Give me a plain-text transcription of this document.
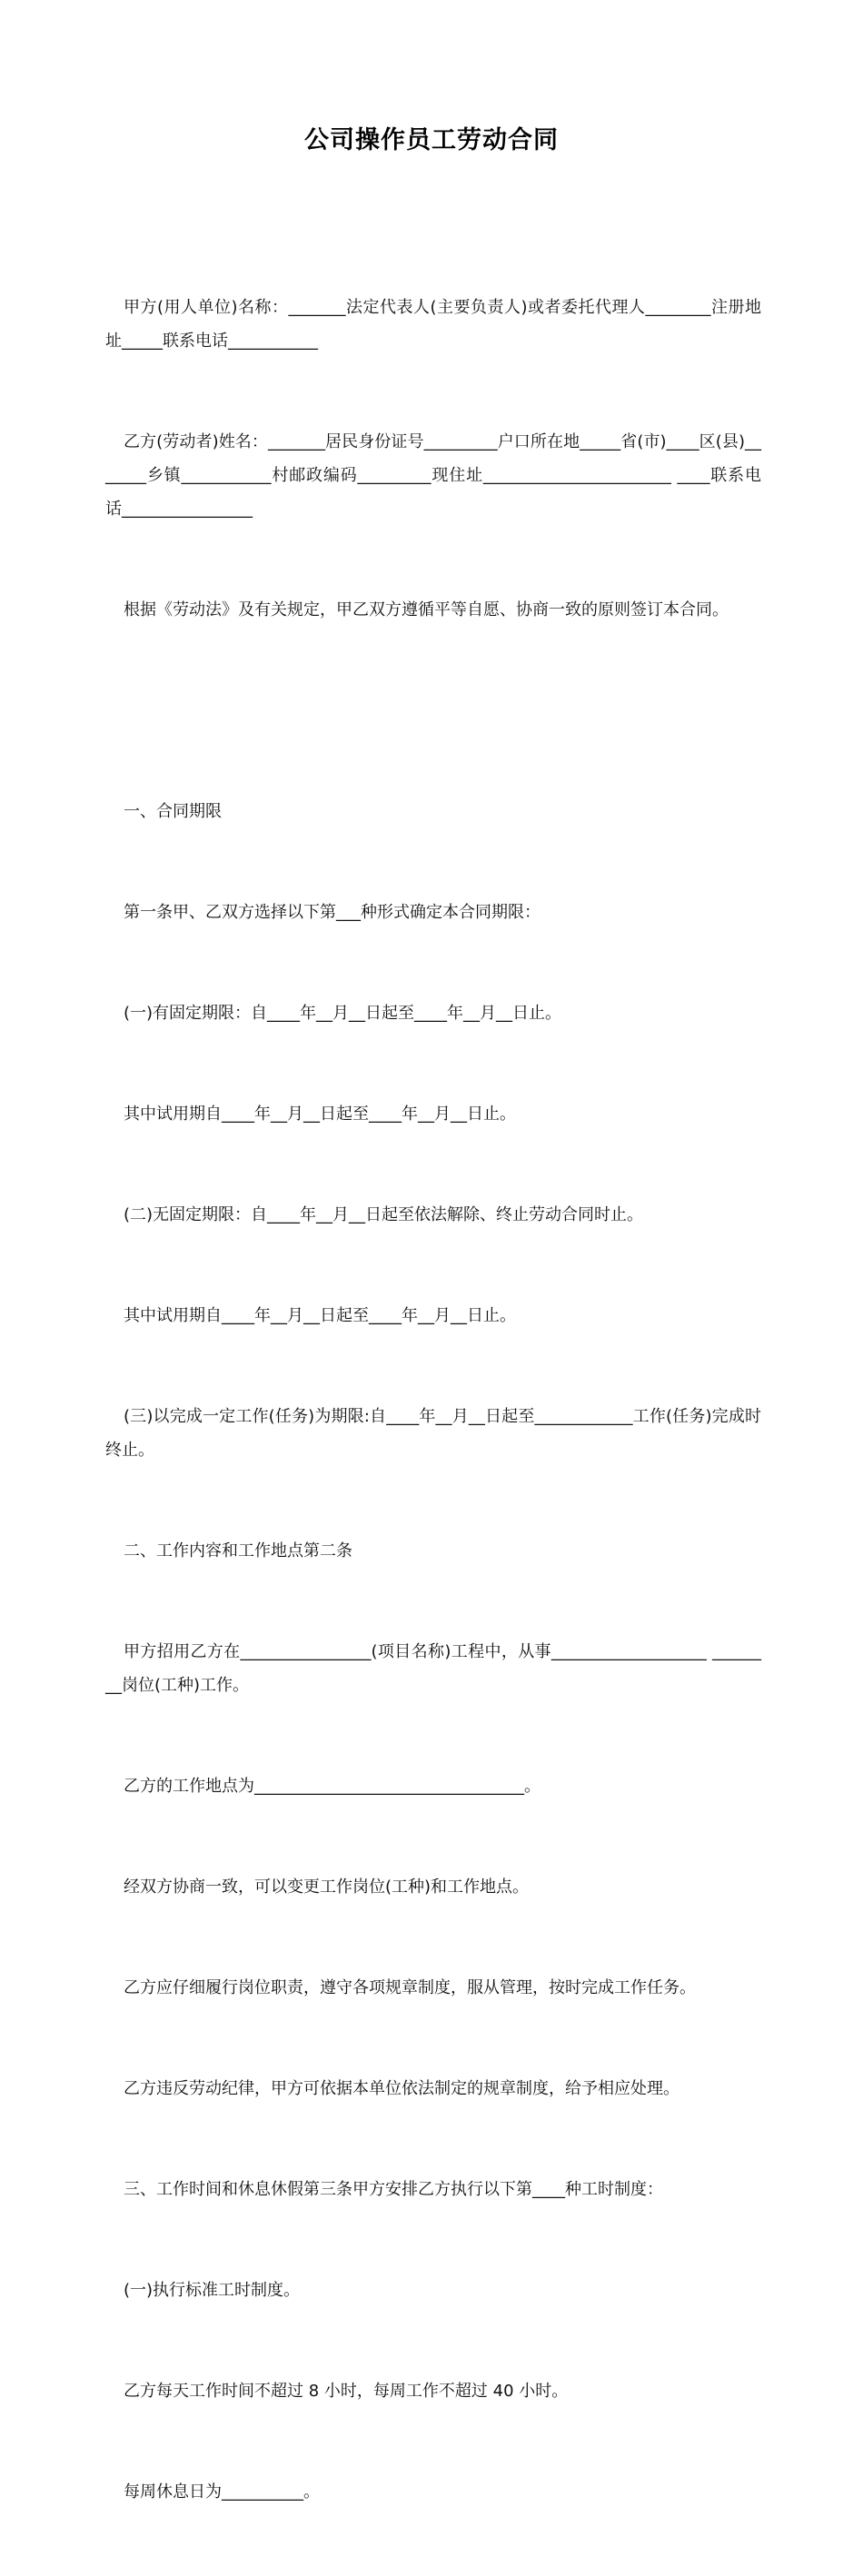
公司操作员工劳动合同

甲方(用人单位)名称：_______法定代表人(主要负责人)或者委托代理人________注册地址_____联系电话___________

乙方(劳动者)姓名：_______居民身份证号_________户口所在地_____省(市)____区(县)_______乡镇___________村邮政编码_________现住址_______________________ ____联系电话________________

根据《劳动法》及有关规定，甲乙双方遵循平等自愿、协商一致的原则签订本合同。

一、合同期限

第一条甲、乙双方选择以下第___种形式确定本合同期限：

(一)有固定期限：自____年__月__日起至____年__月__日止。

其中试用期自____年__月__日起至____年__月__日止。

(二)无固定期限：自____年__月__日起至依法解除、终止劳动合同时止。

其中试用期自____年__月__日起至____年__月__日止。

(三)以完成一定工作(任务)为期限:自____年__月__日起至____________工作(任务)完成时终止。

二、工作内容和工作地点第二条

甲方招用乙方在________________(项目名称)工程中，从事___________________ ________岗位(工种)工作。

乙方的工作地点为_________________________________。

经双方协商一致，可以变更工作岗位(工种)和工作地点。

乙方应仔细履行岗位职责，遵守各项规章制度，服从管理，按时完成工作任务。

乙方违反劳动纪律，甲方可依据本单位依法制定的规章制度，给予相应处理。

三、工作时间和休息休假第三条甲方安排乙方执行以下第____种工时制度：

(一)执行标准工时制度。

乙方每天工作时间不超过 8 小时，每周工作不超过 40 小时。

每周休息日为__________。
